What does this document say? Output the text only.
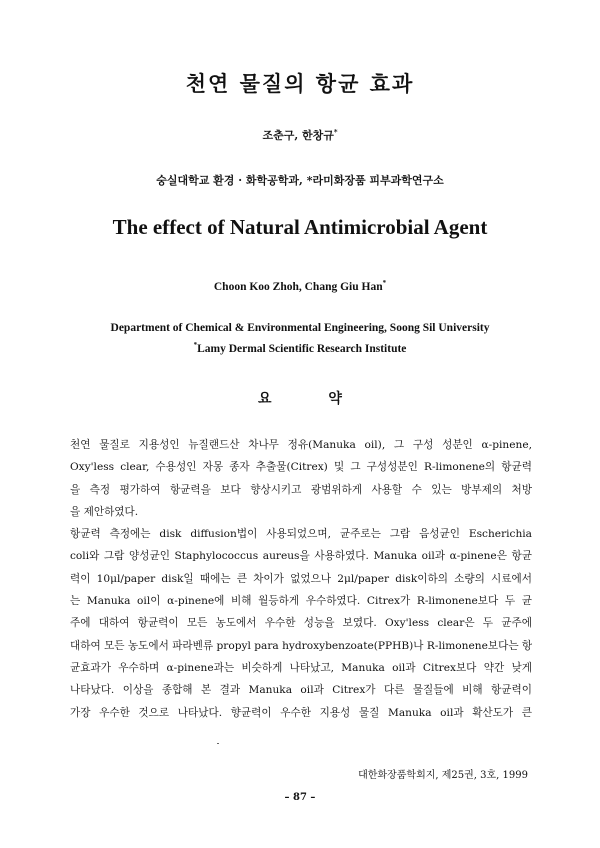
천연 물질의 항균 효과
조춘구, 한창규*
숭실대학교 환경 · 화학공학과, *라미화장품 피부과학연구소
The effect of Natural Antimicrobial Agent
Choon Koo Zhoh, Chang Giu Han*
Department of Chemical & Environmental Engineering, Soong Sil University
*Lamy Dermal Scientific Research Institute
요 약
천연 물질로 지용성인 뉴질랜드산 차나무 정유(Manuka oil), 그 구성 성분인 α-pinene,
Oxy'less clear, 수용성인 자몽 종자 추출물(Citrex) 및 그 구성성분인 R-limonene의 항균력
을 측정 평가하여 항균력을 보다 향상시키고 광범위하게 사용할 수 있는 방부제의 처방
을 제안하였다.
항균력 측정에는 disk diffusion법이 사용되었으며, 균주로는 그람 음성균인 Escherichia
coli와 그람 양성균인 Staphylococcus aureus을 사용하였다. Manuka oil과 α-pinene은 항균
력이 10μl/paper disk일 때에는 큰 차이가 없었으나 2μl/paper disk이하의 소량의 시료에서
는 Manuka oil이 α-pinene에 비해 월등하게 우수하였다. Citrex가 R-limonene보다 두 균
주에 대하여 항균력이 모든 농도에서 우수한 성능을 보였다. Oxy'less clear은 두 균주에
대하여 모든 농도에서 파라벤류 propyl para hydroxybenzoate(PPHB)나 R-limonene보다는 항
균효과가 우수하며 α-pinene과는 비슷하게 나타났고, Manuka oil과 Citrex보다 약간 낮게
나타났다. 이상을 종합해 본 결과 Manuka oil과 Citrex가 다른 물질들에 비해 항균력이
가장 우수한 것으로 나타났다. 향균력이 우수한 지용성 물질 Manuka oil과 확산도가 큰
대한화장품학회지, 제25권, 3호, 1999
– 87 –
